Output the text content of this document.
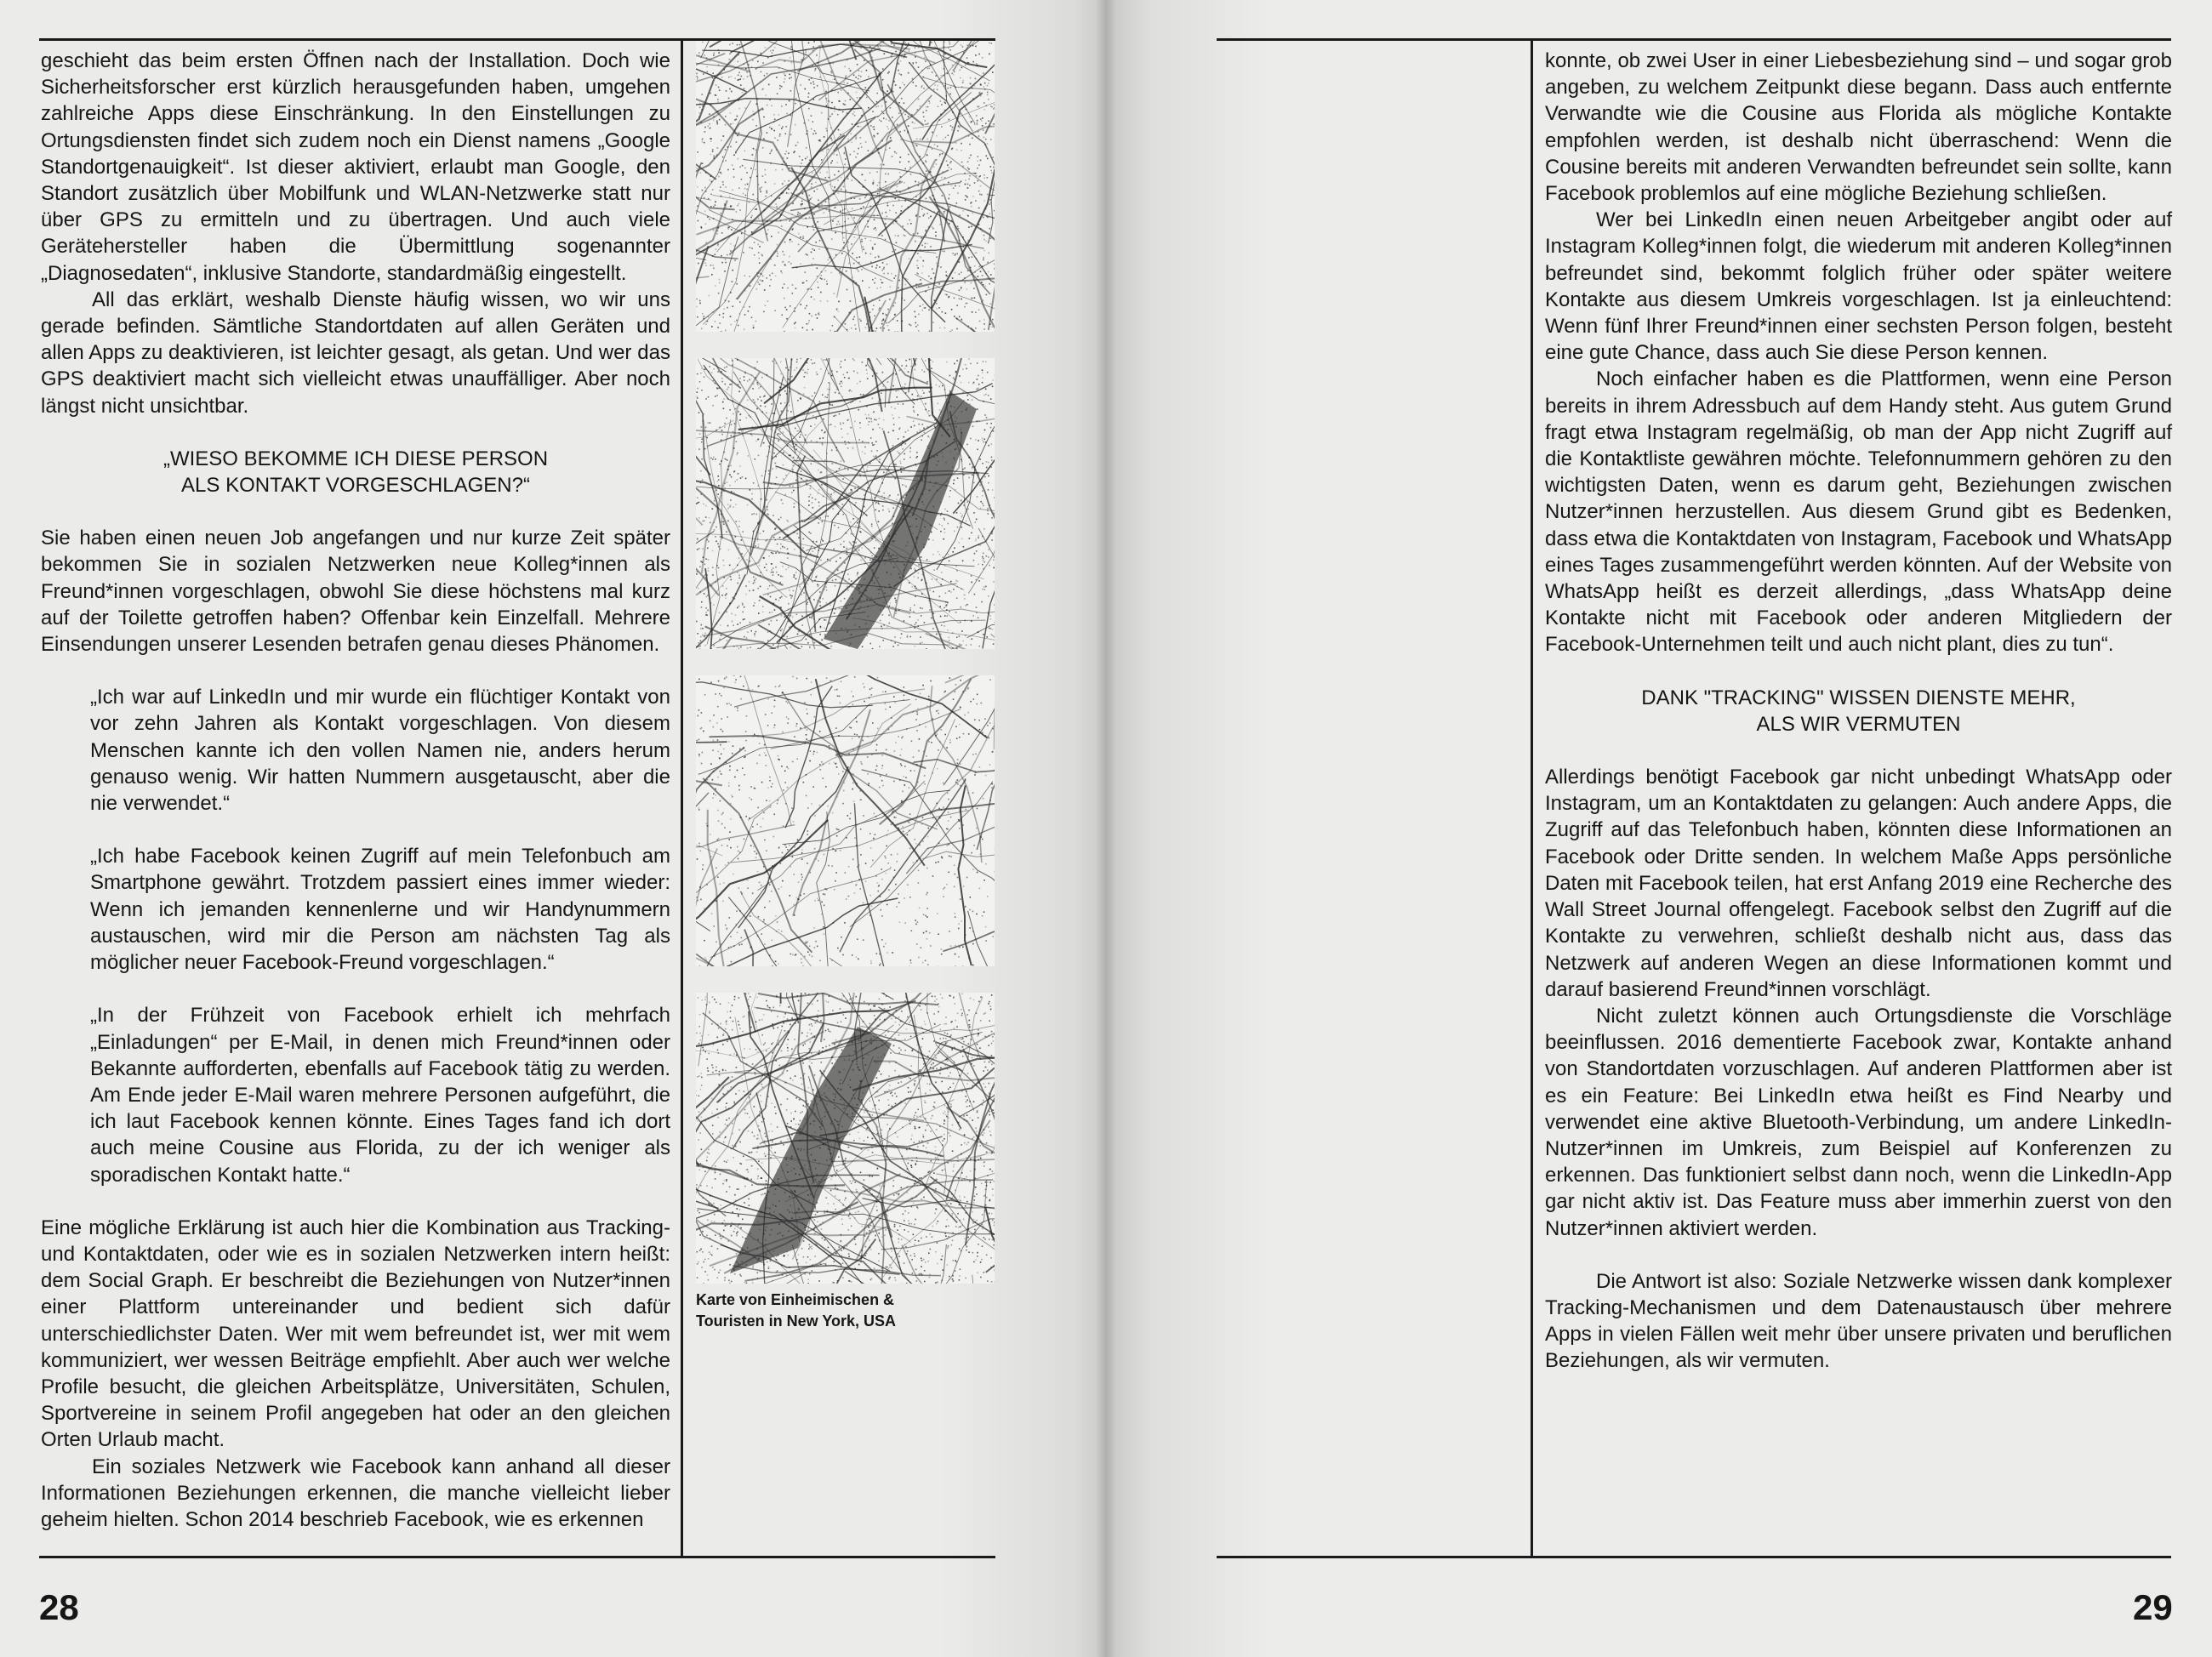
geschieht das beim ersten Öffnen nach der Installation. Doch wie Sicherheitsforscher erst kürzlich herausgefunden haben, umgehen zahlreiche Apps diese Einschränkung. In den Einstellungen zu Ortungsdiensten findet sich zudem noch ein Dienst namens „Google Standortgenauigkeit“. Ist dieser aktiviert, erlaubt man Google, den Standort zusätzlich über Mobilfunk und WLAN-Netzwerke statt nur über GPS zu ermitteln und zu übertragen. Und auch viele Gerätehersteller haben die Übermittlung sogenannter „Diagnosedaten“, inklusive Standorte, standardmäßig eingestellt.

All das erklärt, weshalb Dienste häufig wissen, wo wir uns gerade befinden. Sämtliche Standortdaten auf allen Geräten und allen Apps zu deaktivieren, ist leichter gesagt, als getan. Und wer das GPS deaktiviert macht sich vielleicht etwas unauffälliger. Aber noch längst nicht unsichtbar.

„WIESO BEKOMME ICH DIESE PERSON

ALS KONTAKT VORGESCHLAGEN?“

Sie haben einen neuen Job angefangen und nur kurze Zeit später bekommen Sie in sozialen Netzwerken neue Kolleg*innen als Freund*innen vorgeschlagen, obwohl Sie diese höchstens mal kurz auf der Toilette getroffen haben? Offenbar kein Einzelfall. Mehrere Einsendungen unserer Lesenden betrafen genau dieses Phänomen.

„Ich war auf LinkedIn und mir wurde ein flüchtiger Kontakt von vor zehn Jahren als Kontakt vorgeschlagen. Von diesem Menschen kannte ich den vollen Namen nie, anders herum genauso wenig. Wir hatten Nummern ausgetauscht, aber die nie verwendet.“

„Ich habe Facebook keinen Zugriff auf mein Telefonbuch am Smartphone gewährt. Trotzdem passiert eines immer wieder: Wenn ich jemanden kennenlerne und wir Handynummern austauschen, wird mir die Person am nächsten Tag als möglicher neuer Facebook-Freund vorgeschlagen.“

„In der Frühzeit von Facebook erhielt ich mehrfach „Einladungen“ per E-Mail, in denen mich Freund*innen oder Bekannte aufforderten, ebenfalls auf Facebook tätig zu werden. Am Ende jeder E-Mail waren mehrere Personen aufgeführt, die ich laut Facebook kennen könnte. Eines Tages fand ich dort auch meine Cousine aus Florida, zu der ich weniger als sporadischen Kontakt hatte.“

Eine mögliche Erklärung ist auch hier die Kombination aus Tracking- und Kontaktdaten, oder wie es in sozialen Netzwerken intern heißt: dem Social Graph. Er beschreibt die Beziehungen von Nutzer*innen einer Plattform untereinander und bedient sich dafür unterschiedlichster Daten. Wer mit wem befreundet ist, wer mit wem kommuniziert, wer wessen Beiträge empfiehlt. Aber auch wer welche Profile besucht, die gleichen Arbeitsplätze, Universitäten, Schulen, Sportvereine in seinem Profil angegeben hat oder an den gleichen Orten Urlaub macht.

Ein soziales Netzwerk wie Facebook kann anhand all dieser Informationen Beziehungen erkennen, die manche vielleicht lieber geheim hielten. Schon 2014 beschrieb Facebook, wie es erkennen

Karte von Einheimischen & Touristen in New York, USA
28

konnte, ob zwei User in einer Liebesbeziehung sind – und sogar grob angeben, zu welchem Zeitpunkt diese begann. Dass auch entfernte Verwandte wie die Cousine aus Florida als mögliche Kontakte empfohlen werden, ist deshalb nicht überraschend: Wenn die Cousine bereits mit anderen Verwandten befreundet sein sollte, kann Facebook problemlos auf eine mögliche Beziehung schließen.

Wer bei LinkedIn einen neuen Arbeitgeber angibt oder auf Instagram Kolleg*innen folgt, die wiederum mit anderen Kolleg*innen befreundet sind, bekommt folglich früher oder später weitere Kontakte aus diesem Umkreis vorgeschlagen. Ist ja einleuchtend: Wenn fünf Ihrer Freund*innen einer sechsten Person folgen, besteht eine gute Chance, dass auch Sie diese Person kennen.

Noch einfacher haben es die Plattformen, wenn eine Person bereits in ihrem Adressbuch auf dem Handy steht. Aus gutem Grund fragt etwa Instagram regelmäßig, ob man der App nicht Zugriff auf die Kontaktliste gewähren möchte. Telefonnummern gehören zu den wichtigsten Daten, wenn es darum geht, Beziehungen zwischen Nutzer*innen herzustellen. Aus diesem Grund gibt es Bedenken, dass etwa die Kontaktdaten von Instagram, Facebook und WhatsApp eines Tages zusammengeführt werden könnten. Auf der Website von WhatsApp heißt es derzeit allerdings, „dass WhatsApp deine Kontakte nicht mit Facebook oder anderen Mitgliedern der Facebook-Unternehmen teilt und auch nicht plant, dies zu tun“.

DANK "TRACKING" WISSEN DIENSTE MEHR,

ALS WIR VERMUTEN

Allerdings benötigt Facebook gar nicht unbedingt WhatsApp oder Instagram, um an Kontaktdaten zu gelangen: Auch andere Apps, die Zugriff auf das Telefonbuch haben, könnten diese Informationen an Facebook oder Dritte senden. In welchem Maße Apps persönliche Daten mit Facebook teilen, hat erst Anfang 2019 eine Recherche des Wall Street Journal offengelegt. Facebook selbst den Zugriff auf die Kontakte zu verwehren, schließt deshalb nicht aus, dass das Netzwerk auf anderen Wegen an diese Informationen kommt und darauf basierend Freund*innen vorschlägt.

Nicht zuletzt können auch Ortungsdienste die Vorschläge beeinflussen. 2016 dementierte Facebook zwar, Kontakte anhand von Standortdaten vorzuschlagen. Auf anderen Plattformen aber ist es ein Feature: Bei LinkedIn etwa heißt es Find Nearby und verwendet eine aktive Bluetooth-Verbindung, um andere LinkedIn-Nutzer*innen im Umkreis, zum Beispiel auf Konferenzen zu erkennen. Das funktioniert selbst dann noch, wenn die LinkedIn-App gar nicht aktiv ist. Das Feature muss aber immerhin zuerst von den Nutzer*innen aktiviert werden.

Die Antwort ist also: Soziale Netzwerke wissen dank komplexer Tracking-Mechanismen und dem Datenaustausch über mehrere Apps in vielen Fällen weit mehr über unsere privaten und beruflichen Beziehungen, als wir vermuten.

29
